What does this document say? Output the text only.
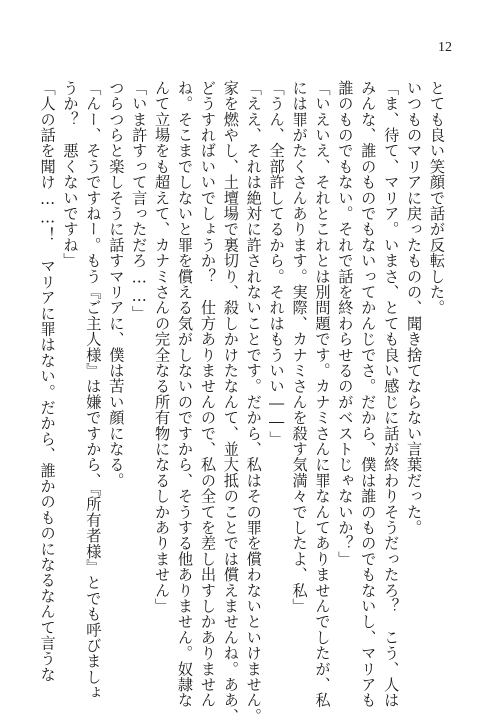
12
とても良い笑顔で話が反転した。
いつものマリアに戻ったものの、聞き捨てならない言葉だった。
「ま、待て、マリア。いまさ、とても良い感じに話が終わりそうだったろ？　こう、人は
みんな、誰のものでもないってかんじでさ。だから、僕は誰のものでもないし、マリアも
誰のものでもない。それで話を終わらせるのがベストじゃないか？」
「いえいえ、それとこれとは別問題です。カナミさんに罪なんてありませんでしたが、私
には罪がたくさんあります。実際、カナミさんを殺す気満々でしたよ、私」
「うん、全部許してるから。それはもういい――」
「ええ、それは絶対に許されないことです。だから、私はその罪を償わないといけません。
家を燃やし、土壇場で裏切り、殺しかけたなんて、並大抵のことでは償えませんね。ああ、
どうすればいいでしょうか？　仕方ありませんので、私の全てを差し出すしかありません
ね。そこまでしないと罪を償える気がしないのですから、そうする他ありません。奴隷な
んて立場をも超えて、カナミさんの完全なる所有物になるしかありません」
「いま許すって言っただろ……」
つらつらと楽しそうに話すマリアに、僕は苦い顔になる。
「んー、そうですねー。もう『ご主人様』は嫌ですから、『所有者様』とでも呼びましょ
うか？　悪くないですね」
「人の話を聞け……！　マリアに罪はない。だから、誰かのものになるなんて言うな
